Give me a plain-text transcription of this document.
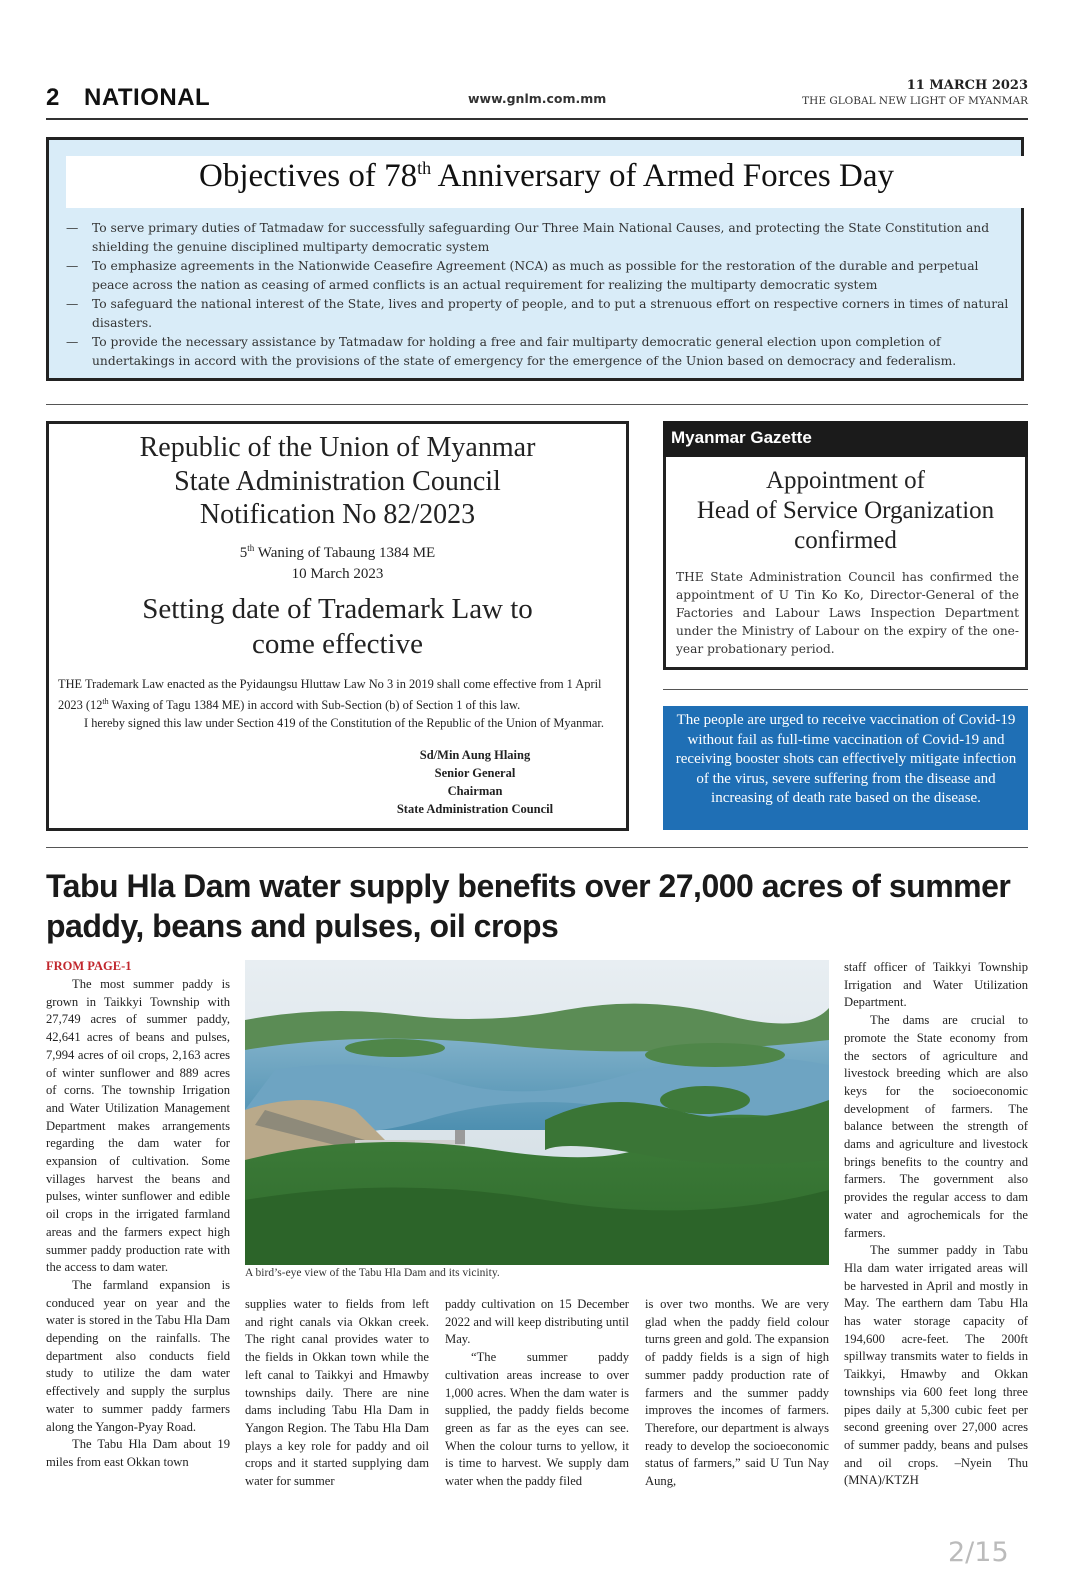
2 NATIONAL	www.gnlm.com.mm
11 MARCH 2023
THE GLOBAL NEW LIGHT OF MYANMAR
Objectives of 78th Anniversary of Armed Forces Day
—	To serve primary duties of Tatmadaw for successfully safeguarding Our Three Main National Causes, and protecting the State Constitution and shielding the genuine disciplined multiparty democratic system
—	To emphasize agreements in the Nationwide Ceasefire Agreement (NCA) as much as possible for the restoration of the durable and perpetual peace across the nation as ceasing of armed conflicts is an actual requirement for realizing the multiparty democratic system
—	To safeguard the national interest of the State, lives and property of people, and to put a strenuous effort on respective corners in times of natural disasters.
—	To provide the necessary assistance by Tatmadaw for holding a free and fair multiparty democratic general election upon completion of undertakings in accord with the provisions of the state of emergency for the emergence of the Union based on democracy and federalism.
Republic of the Union of Myanmar
State Administration Council
Notification No 82/2023
5th Waning of Tabaung 1384 ME
10 March 2023
Setting date of Trademark Law to
come effective
THE Trademark Law enacted as the Pyidaungsu Hluttaw Law No 3 in 2019 shall come effective from 1 April 2023 (12th Waxing of Tagu 1384 ME) in accord with Sub-Section (b) of Section 1 of this law.
I hereby signed this law under Section 419 of the Constitution of the Republic of the Union of Myanmar.
Sd/Min Aung Hlaing
Senior General
Chairman
State Administration Council
Myanmar Gazette
Appointment of
Head of Service Organization
confirmed
THE State Administration Council has confirmed the appointment of U Tin Ko Ko, Director-General of the Factories and Labour Laws Inspection Department under the Ministry of Labour on the expiry of the one-year probationary period.
The people are urged to receive vaccination of Covid-19 without fail as full-time vaccination of Covid-19 and receiving booster shots can effectively mitigate infection of the virus, severe suffering from the disease and increasing of death rate based on the disease.
Tabu Hla Dam water supply benefits over 27,000 acres of summer paddy, beans and pulses, oil crops
FROM PAGE-1

The most summer paddy is grown in Taikkyi Township with 27,749 acres of summer paddy, 42,641 acres of beans and pulses, 7,994 acres of oil crops, 2,163 acres of winter sunflower and 889 acres of corns. The township Irrigation and Water Utilization Management Department makes arrangements regarding the dam water for expansion of cultivation. Some villages harvest the beans and pulses, winter sunflower and edible oil crops in the irrigated farmland areas and the farmers expect high summer paddy production rate with the access to dam water.

The farmland expansion is conduced year on year and the water is stored in the Tabu Hla Dam depending on the rainfalls. The department also conducts field study to utilize the dam water effectively and supply the surplus water to summer paddy farmers along the Yangon-Pyay Road.

The Tabu Hla Dam about 19 miles from east Okkan town

A bird’s-eye view of the Tabu Hla Dam and its vicinity.

supplies water to fields from left and right canals via Okkan creek. The right canal provides water to the fields in Okkan town while the left canal to Taikkyi and Hmawby townships daily. There are nine dams including Tabu Hla Dam in Yangon Region. The Tabu Hla Dam plays a key role for paddy and oil crops and it started supplying dam water for summer

paddy cultivation on 15 December 2022 and will keep distributing until May.

“The summer paddy cultivation areas increase to over 1,000 acres. When the dam water is supplied, the paddy fields become green as far as the eyes can see. When the colour turns to yellow, it is time to harvest. We supply dam water when the paddy filed

is over two months. We are very glad when the paddy field colour turns green and gold. The expansion of paddy fields is a sign of high summer paddy production rate of farmers and the summer paddy improves the incomes of farmers. Therefore, our department is always ready to develop the socioeconomic status of farmers,” said U Tun Nay Aung,

staff officer of Taikkyi Township Irrigation and Water Utilization Department.

The dams are crucial to promote the State economy from the sectors of agriculture and livestock breeding which are also keys for the socioeconomic development of farmers. The balance between the strength of dams and agriculture and livestock brings benefits to the country and farmers. The government also provides the regular access to dam water and agrochemicals for the farmers.

The summer paddy in Tabu Hla dam water irrigated areas will be harvested in April and mostly in May. The earthern dam Tabu Hla has water storage capacity of 194,600 acre-feet. The 200ft spillway transmits water to fields in Taikkyi, Hmawby and Okkan townships via 600 feet long three pipes daily at 5,300 cubic feet per second greening over 27,000 acres of summer paddy, beans and pulses and oil crops. –Nyein Thu (MNA)/KTZH

2/15
